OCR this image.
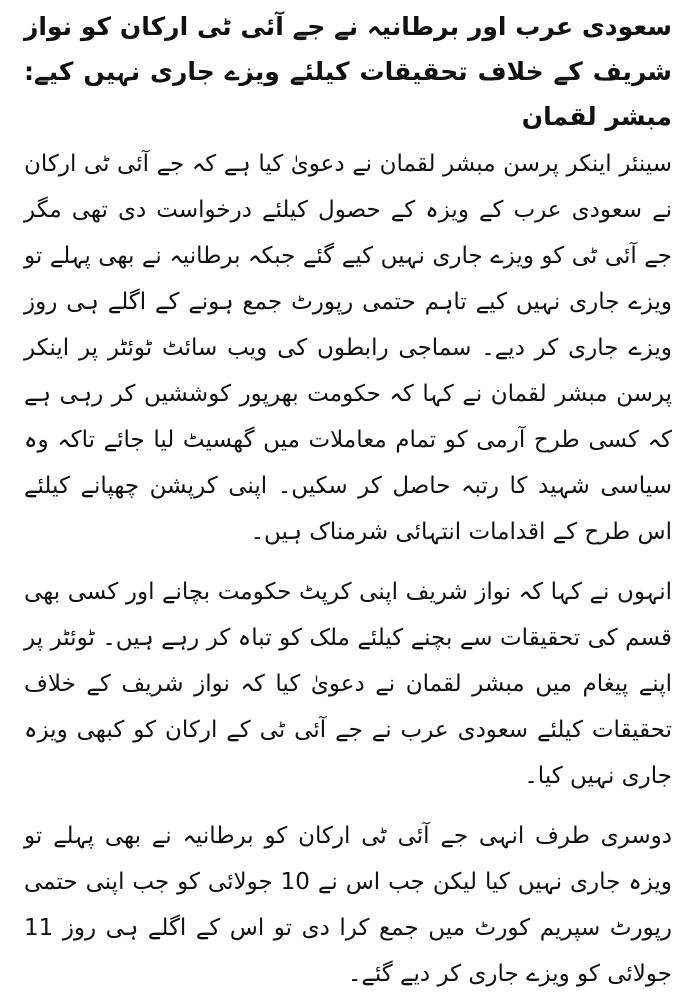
سعودی عرب اور برطانیہ نے جے آئی ٹی ارکان کو نواز شریف کے خلاف تحقیقات کیلئے ویزے جاری نہیں کیے: مبشر لقمان

سینئر اینکر پرسن مبشر لقمان نے دعویٰ کیا ہے کہ جے آئی ٹی ارکان نے سعودی عرب کے ویزہ کے حصول کیلئے درخواست دی تھی مگر جے آئی ٹی کو ویزے جاری نہیں کیے گئے جبکہ برطانیہ نے بھی پہلے تو ویزے جاری نہیں کیے تاہم حتمی رپورٹ جمع ہونے کے اگلے ہی روز ویزے جاری کر دیے۔ سماجی رابطوں کی ویب سائٹ ٹوئٹر پر اینکر پرسن مبشر لقمان نے کہا کہ حکومت بھرپور کوششیں کر رہی ہے کہ کسی طرح آرمی کو تمام معاملات میں گھسیٹ لیا جائے تاکہ وہ سیاسی شہید کا رتبہ حاصل کر سکیں۔ اپنی کرپشن چھپانے کیلئے اس طرح کے اقدامات انتہائی شرمناک ہیں۔

انہوں نے کہا کہ نواز شریف اپنی کرپٹ حکومت بچانے اور کسی بھی قسم کی تحقیقات سے بچنے کیلئے ملک کو تباہ کر رہے ہیں۔ ٹوئٹر پر اپنے پیغام میں مبشر لقمان نے دعویٰ کیا کہ نواز شریف کے خلاف تحقیقات کیلئے سعودی عرب نے جے آئی ٹی کے ارکان کو کبھی ویزہ جاری نہیں کیا۔

دوسری طرف انہی جے آئی ٹی ارکان کو برطانیہ نے بھی پہلے تو ویزہ جاری نہیں کیا لیکن جب اس نے 10 جولائی کو جب اپنی حتمی رپورٹ سپریم کورٹ میں جمع کرا دی تو اس کے اگلے ہی روز 11 جولائی کو ویزے جاری کر دیے گئے۔
